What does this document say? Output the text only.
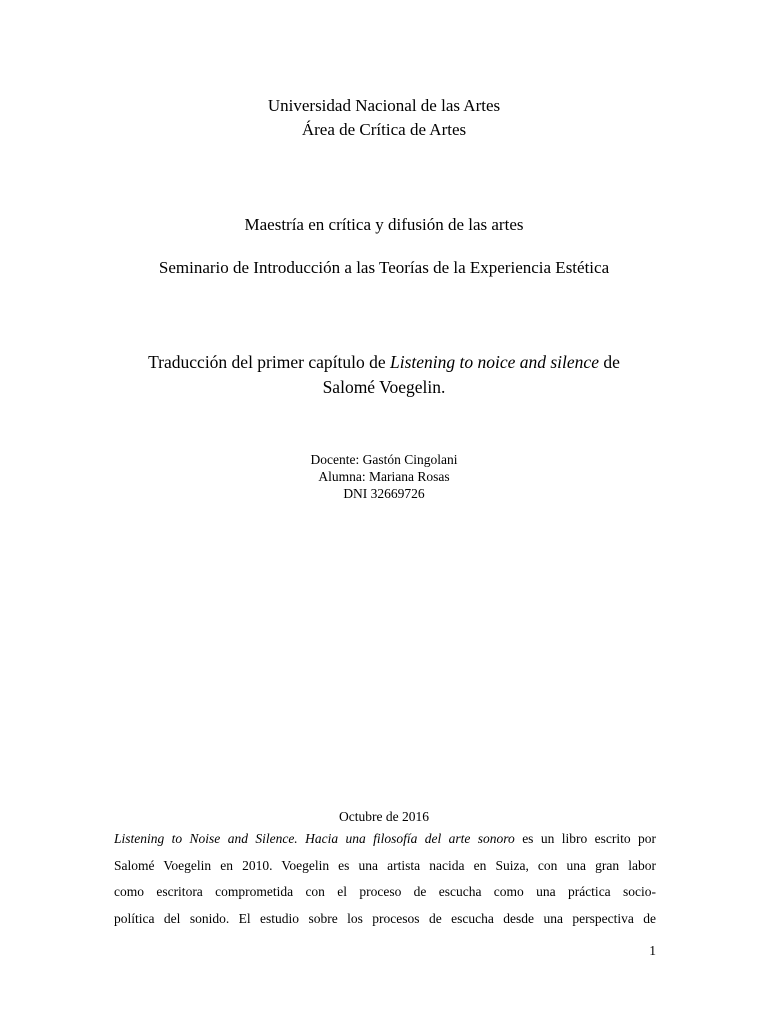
Universidad Nacional de las Artes
Área de Crítica de Artes
Maestría en crítica y difusión de las artes
Seminario de Introducción a las Teorías de la Experiencia Estética
Traducción del primer capítulo de Listening to noice and silence de
Salomé Voegelin.
Docente: Gastón Cingolani
Alumna: Mariana Rosas
DNI 32669726
Octubre de 2016
Listening to Noise and Silence. Hacia una filosofía del arte sonoro es un libro escrito por
Salomé Voegelin en 2010. Voegelin es una artista nacida en Suiza, con una gran labor
como escritora comprometida con el proceso de escucha como una práctica socio-
política del sonido. El estudio sobre los procesos de escucha desde una perspectiva de
1
